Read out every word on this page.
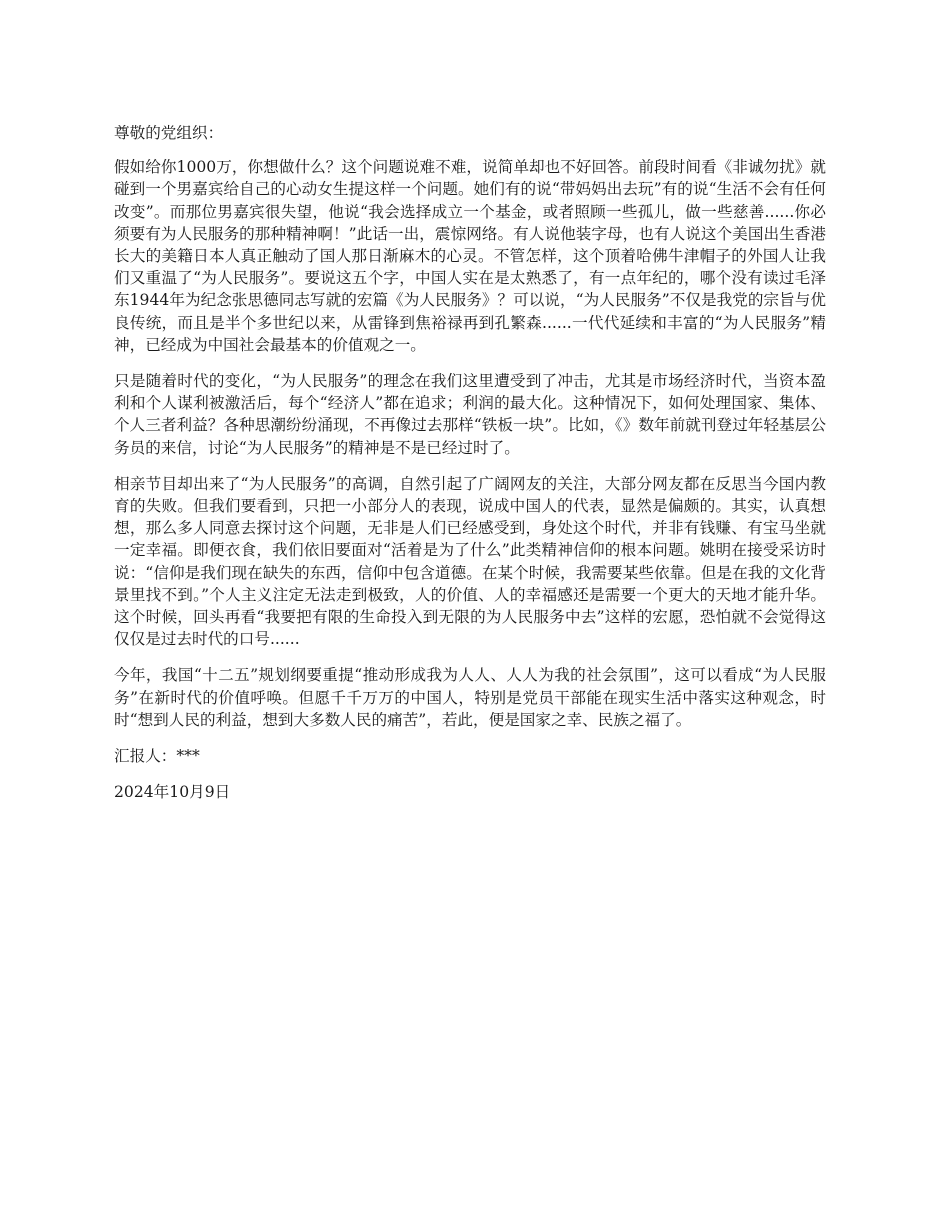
尊敬的党组织：

假如给你1000万，你想做什么？这个问题说难不难，说简单却也不好回答。前段时间看《非诚勿扰》就碰到一个男嘉宾给自己的心动女生提这样一个问题。她们有的说“带妈妈出去玩”有的说“生活不会有任何改变”。而那位男嘉宾很失望，他说“我会选择成立一个基金，或者照顾一些孤儿，做一些慈善......你必须要有为人民服务的那种精神啊！”此话一出，震惊网络。有人说他装字母，也有人说这个美国出生香港长大的美籍日本人真正触动了国人那日渐麻木的心灵。不管怎样，这个顶着哈佛牛津帽子的外国人让我们又重温了“为人民服务”。要说这五个字，中国人实在是太熟悉了，有一点年纪的，哪个没有读过毛泽东1944年为纪念张思德同志写就的宏篇《为人民服务》？可以说，“为人民服务”不仅是我党的宗旨与优良传统，而且是半个多世纪以来，从雷锋到焦裕禄再到孔繁森......一代代延续和丰富的“为人民服务”精神，已经成为中国社会最基本的价值观之一。

只是随着时代的变化，“为人民服务”的理念在我们这里遭受到了冲击，尤其是市场经济时代，当资本盈利和个人谋利被激活后，每个“经济人”都在追求；利润的最大化。这种情况下，如何处理国家、集体、个人三者利益？各种思潮纷纷涌现，不再像过去那样“铁板一块”。比如，《》数年前就刊登过年轻基层公务员的来信，讨论“为人民服务”的精神是不是已经过时了。

相亲节目却出来了“为人民服务”的高调，自然引起了广阔网友的关注，大部分网友都在反思当今国内教育的失败。但我们要看到，只把一小部分人的表现，说成中国人的代表，显然是偏颇的。其实，认真想想，那么多人同意去探讨这个问题，无非是人们已经感受到，身处这个时代，并非有钱赚、有宝马坐就一定幸福。即便衣食，我们依旧要面对“活着是为了什么”此类精神信仰的根本问题。姚明在接受采访时说：“信仰是我们现在缺失的东西，信仰中包含道德。在某个时候，我需要某些依靠。但是在我的文化背景里找不到。”个人主义注定无法走到极致，人的价值、人的幸福感还是需要一个更大的天地才能升华。这个时候，回头再看“我要把有限的生命投入到无限的为人民服务中去”这样的宏愿，恐怕就不会觉得这仅仅是过去时代的口号......

今年，我国“十二五”规划纲要重提“推动形成我为人人、人人为我的社会氛围”，这可以看成“为人民服务”在新时代的价值呼唤。但愿千千万万的中国人，特别是党员干部能在现实生活中落实这种观念，时时“想到人民的利益，想到大多数人民的痛苦”，若此，便是国家之幸、民族之福了。

汇报人：***

2024年10月9日
